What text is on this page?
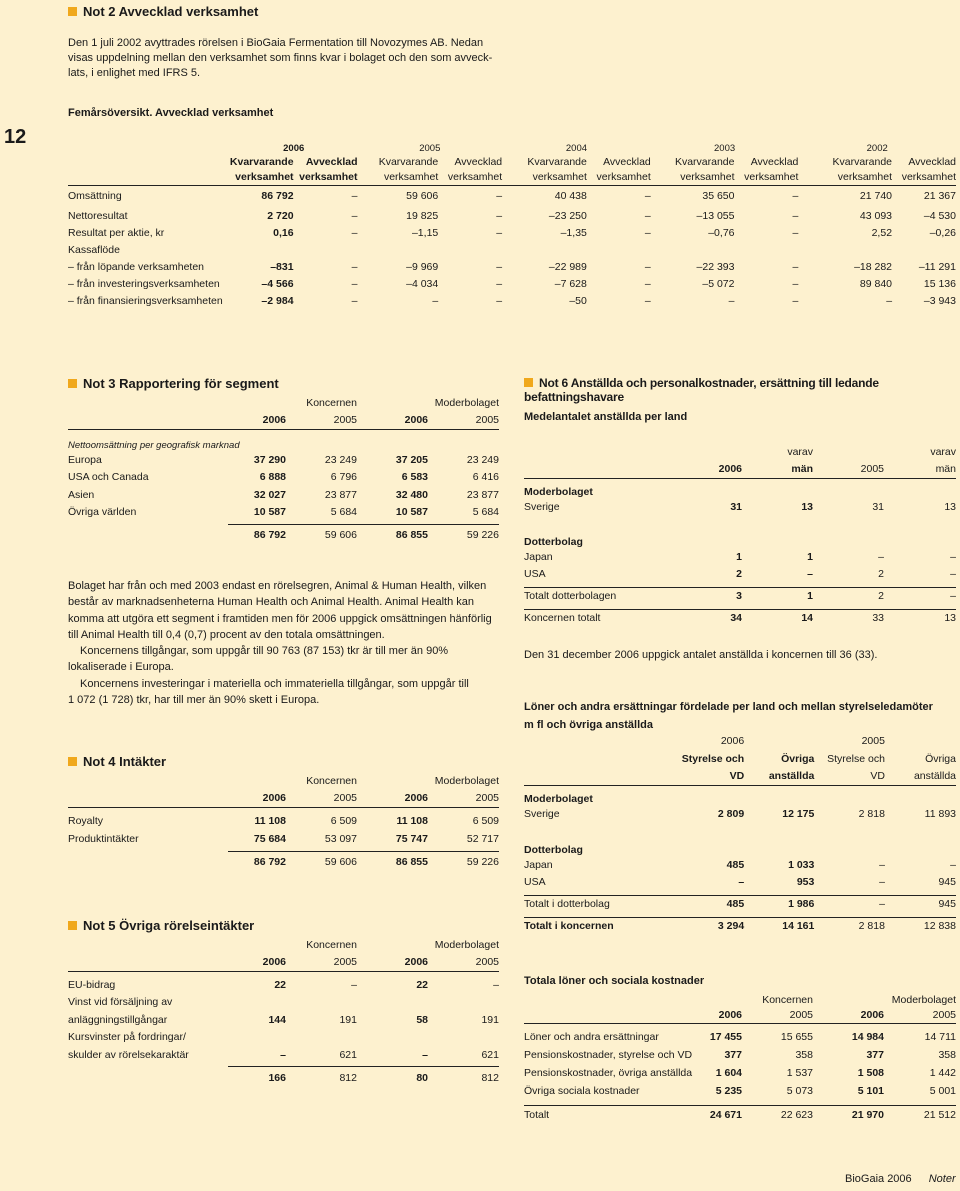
12
Not 2 Avvecklad verksamhet
Den 1 juli 2002 avyttrades rörelsen i BioGaia Fermentation till Novozymes AB. Nedan
visas uppdelning mellan den verksamhet som finns kvar i bolaget och den som avveck-
lats, i enlighet med IFRS 5.
Femårsöversikt. Avvecklad verksamhet
	2006		2005		2004		2003		2002	
	Kvarvarande	Avvecklad	Kvarvarande	Avvecklad	Kvarvarande	Avvecklad	Kvarvarande	Avvecklad	Kvarvarande	Avvecklad
	verksamhet	verksamhet	verksamhet	verksamhet	verksamhet	verksamhet	verksamhet	verksamhet	verksamhet	verksamhet
Omsättning	86 792	–	59 606	–	40 438	–	35 650	–	21 740	21 367
Nettoresultat	2 720	–	19 825	–	–23 250	–	–13 055	–	43 093	–4 530
Resultat per aktie, kr	0,16	–	–1,15	–	–1,35	–	–0,76	–	2,52	–0,26
Kassaflöde										
– från löpande verksamheten	–831	–	–9 969	–	–22 989	–	–22 393	–	–18 282	–11 291
– från investeringsverksamheten	–4 566	–	–4 034	–	–7 628	–	–5 072	–	89 840	15 136
– från finansieringsverksamheten	–2 984	–	–	–	–50	–	–	–	–	–3 943
Not 3 Rapportering för segment
	Koncernen		Moderbolaget	
	2006	2005	2006	2005
Nettoomsättning per geografisk marknad				
Europa	37 290	23 249	37 205	23 249
USA och Canada	6 888	6 796	6 583	6 416
Asien	32 027	23 877	32 480	23 877
Övriga världen	10 587	5 684	10 587	5 684

	86 792	59 606	86 855	59 226
Bolaget har från och med 2003 endast en rörelsegren, Animal & Human Health, vilken
består av marknadsenheterna Human Health och Animal Health. Animal Health kan
komma att utgöra ett segment i framtiden men för 2006 uppgick omsättningen hänförlig
till Animal Health till 0,4 (0,7) procent av den totala omsättningen.
Koncernens tillgångar, som uppgår till 90 763 (87 153) tkr är till mer än 90%
lokaliserade i Europa.
Koncernens investeringar i materiella och immateriella tillgångar, som uppgår till
1 072 (1 728) tkr, har till mer än 90% skett i Europa.
Not 4 Intäkter
	Koncernen		Moderbolaget	
	2006	2005	2006	2005

Royalty	11 108	6 509	11 108	6 509
Produktintäkter	75 684	53 097	75 747	52 717

	86 792	59 606	86 855	59 226
Not 5 Övriga rörelseintäkter
	Koncernen		Moderbolaget	
	2006	2005	2006	2005

EU-bidrag	22	–	22	–
Vinst vid försäljning av				
anläggningstillgångar	144	191	58	191
Kursvinster på fordringar/				
skulder av rörelsekaraktär	–	621	–	621

	166	812	80	812
Not 6 Anställda och personalkostnader, ersättning till ledande befattningshavare
Medelantalet anställda per land
		varav		varav
	2006	män	2005	män
Moderbolaget				
Sverige	31	13	31	13
Dotterbolag				
Japan	1	1	–	–
USA	2	–	2	–

Totalt dotterbolagen	3	1	2	–

Koncernen totalt	34	14	33	13
Den 31 december 2006 uppgick antalet anställda i koncernen till 36 (33).
Löner och andra ersättningar fördelade per land och mellan styrelseledamöter
m fl och övriga anställda
	2006		2005	
	Styrelse och	Övriga	Styrelse och	Övriga
	VD	anställda	VD	anställda
Moderbolaget				
Sverige	2 809	12 175	2 818	11 893
Dotterbolag				
Japan	485	1 033	–	–
USA	–	953	–	945

Totalt i dotterbolag	485	1 986	–	945

Totalt i koncernen	3 294	14 161	2 818	12 838
Totala löner och sociala kostnader
	Koncernen		Moderbolaget	
	2006	2005	2006	2005

Löner och andra ersättningar	17 455	15 655	14 984	14 711
Pensionskostnader, styrelse och VD	377	358	377	358
Pensionskostnader, övriga anställda	1 604	1 537	1 508	1 442
Övriga sociala kostnader	5 235	5 073	5 101	5 001

Totalt	24 671	22 623	21 970	21 512
BioGaia 2006 Noter
